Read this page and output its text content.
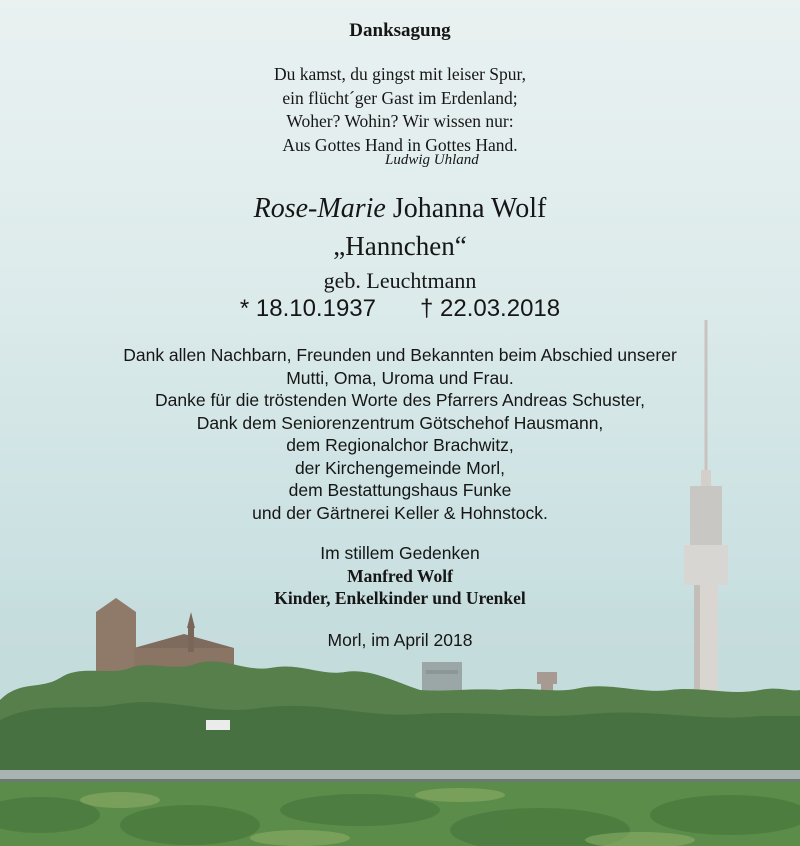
Danksagung
Du kamst, du gingst mit leiser Spur,
ein flücht´ger Gast im Erdenland;
Woher? Wohin? Wir wissen nur:
Aus Gottes Hand in Gottes Hand.
Ludwig Uhland
Rose-Marie Johanna Wolf
„Hannchen“
geb. Leuchtmann
* 18.10.1937 † 22.03.2018
Dank allen Nachbarn, Freunden und Bekannten beim Abschied unserer
Mutti, Oma, Uroma und Frau.
Danke für die tröstenden Worte des Pfarrers Andreas Schuster,
Dank dem Seniorenzentrum Götschehof Hausmann,
dem Regionalchor Brachwitz,
der Kirchengemeinde Morl,
dem Bestattungshaus Funke
und der Gärtnerei Keller & Hohnstock.
Im stillem Gedenken
Manfred Wolf
Kinder, Enkelkinder und Urenkel
Morl, im April 2018
